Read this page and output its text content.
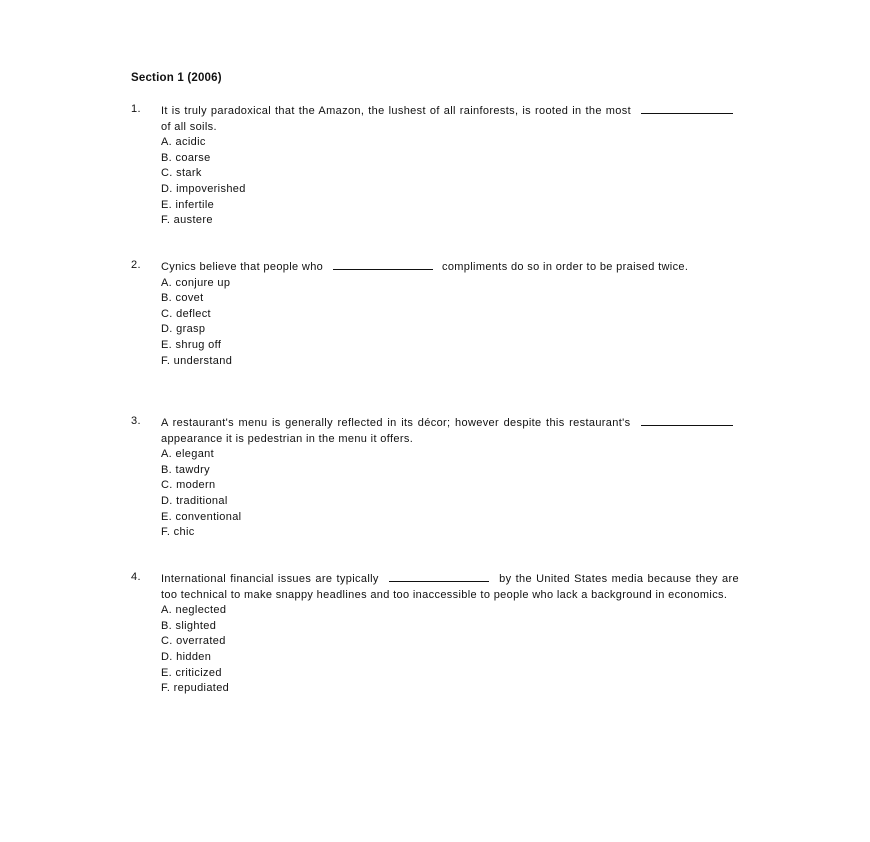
Section 1 (2006)
1.	It is truly paradoxical that the Amazon, the lushest of all rainforests, is rooted in the most  of all soils.
A. acidic
B. coarse
C. stark
D. impoverished
E. infertile
F. austere
2.	Cynics believe that people who	compliments do so in order to be praised twice.
A. conjure up
B. covet
C. deflect
D. grasp
E. shrug off
F. understand
3.	A restaurant's menu is generally reflected in its décor; however despite this restaurant's  appearance it is pedestrian in the menu it offers.
A. elegant
B. tawdry
C. modern
D. traditional
E. conventional
F. chic
4.	International financial issues are typically	by the United States media because they are too technical to make snappy headlines and too inaccessible to people who lack a background in economics.
A. neglected
B. slighted
C. overrated
D. hidden
E. criticized
F. repudiated
